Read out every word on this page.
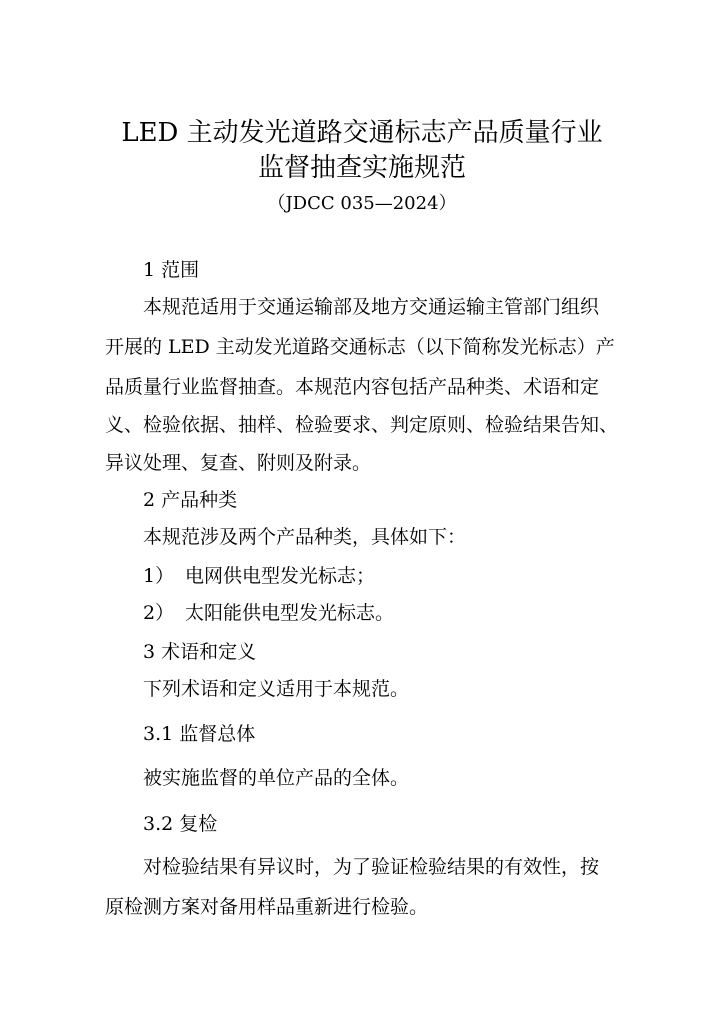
LED 主动发光道路交通标志产品质量行业
监督抽查实施规范
（JDCC 035—2024）
1 范围
本规范适用于交通运输部及地方交通运输主管部门组织
开展的 LED 主动发光道路交通标志（以下简称发光标志）产
品质量行业监督抽查。本规范内容包括产品种类、术语和定
义、检验依据、抽样、检验要求、判定原则、检验结果告知、
异议处理、复查、附则及附录。
2 产品种类
本规范涉及两个产品种类，具体如下：
1） 电网供电型发光标志；
2） 太阳能供电型发光标志。
3 术语和定义
下列术语和定义适用于本规范。
3.1 监督总体
被实施监督的单位产品的全体。
3.2 复检
对检验结果有异议时，为了验证检验结果的有效性，按
原检测方案对备用样品重新进行检验。
